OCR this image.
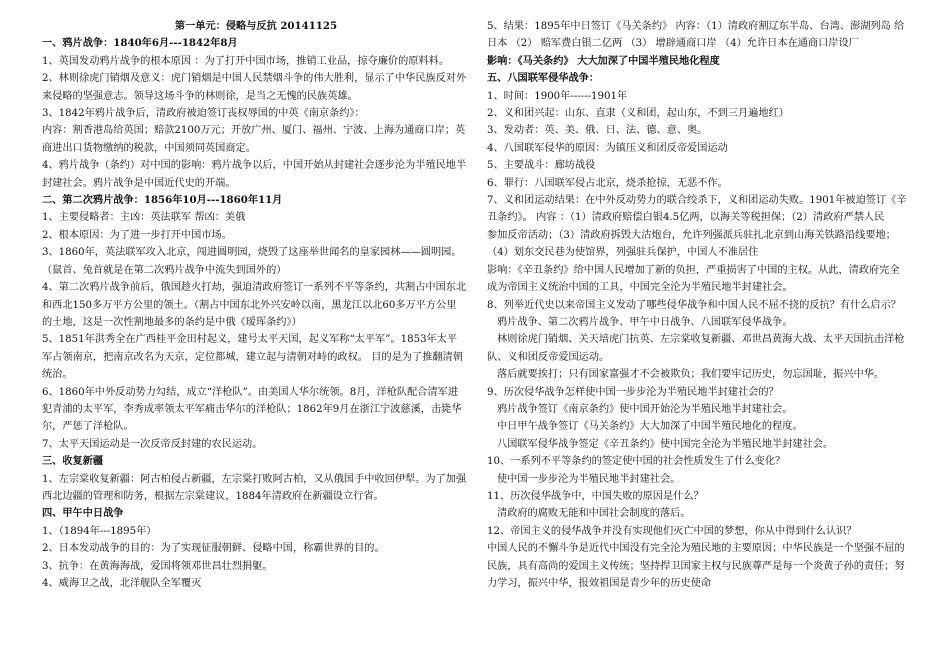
第一单元：侵略与反抗 20141125
一、鸦片战争：1840年6月---1842年8月
1、英国发动鸦片战争的根本原因 ：为了打开中国市场，推销工业品，掠夺廉价的原料料。
2、林则徐虎门销烟及意义：虎门销烟是中国人民禁烟斗争的伟大胜利，显示了中华民族反对外
来侵略的坚强意志。领导这场斗争的林则徐，是当之无愧的民族英雄。
3、1842年鸦片战争后，清政府被迫签订丧权辱国的中英《南京条约》：
内容：割香港岛给英国；赔款2100万元；开放广州、厦门、福州、宁波、上海为通商口岸；英
商进出口货物缴纳的税款，中国须同英国商定。
4、鸦片战争（条约）对中国的影响：鸦片战争以后，中国开始从封建社会逐步沦为半殖民地半
封建社会。鸦片战争是中国近代史的开端。
二、第二次鸦片战争：1856年10月---1860年11月
1、主要侵略者：主凶：英法联军 帮凶：美俄
2、根本原因：为了进一步打开中国市场。
3、1860年，英法联军攻入北京，闯进圆明园，烧毁了这座举世闻名的皇家园林——圆明园。
（鼠首、兔首就是在第二次鸦片战争中流失到国外的）
4、第二次鸦片战争前后，俄国趁火打劫，强迫清政府签订一系列不平等条约，共割占中国东北
和西北150多万平方公里的领土。（割占中国东北外兴安岭以南，黑龙江以北60多万平方公里
的土地，这是一次性割地最多的条约是中俄《瑷珲条约》）
5、1851年洪秀全在广西桂平金田村起义，建号太平天国，起义军称“太平军”。1853年太平
军占领南京，把南京改名为天京，定位都城，建立起与清朝对峙的政权。 目的是为了推翻清朝
统治。
6、1860年中外反动势力勾结，成立“洋枪队”。由美国人华尔统领。8月，洋枪队配合清军进
犯青浦的太平军，李秀成率领太平军痛击华尔的洋枪队；1862年9月在浙江宁波慈溪，击毙华
尔，严惩了洋枪队。
7、太平天国运动是一次反帝反封建的农民运动。
三、收复新疆
1、左宗棠收复新疆：阿古柏侵占新疆，左宗棠打败阿古柏，又从俄国手中收回伊犁。为了加强
西北边疆的管理和防务，根据左宗棠建议，1884年清政府在新疆设立行省。
四、甲午中日战争
1、（1894年---1895年）
2、日本发动战争的目的：为了实现征服朝鲜、侵略中国，称霸世界的目的。
3、抗争：在黄海海战，爱国将领邓世昌壮烈捐躯。
4、威海卫之战，北洋舰队全军覆灭
5、结果：1895年中日签订《马关条约》 内容：（1）清政府割辽东半岛、台湾、澎湖列岛 给
日本 （2） 赔军费白银二亿两 （3） 增辟通商口岸 （4）允许日本在通商口岸设厂
影响：《马关条约》 大大加深了中国半殖民地化程度
五、八国联军侵华战争：
1、时间：1900年------1901年
2、义和团兴起：山东、直隶（义和团，起山东，不到三月遍地红）
3、发动者：英、美、俄、日、法、德、意、奥。
4、八国联军侵华的原因：为镇压义和团反帝爱国运动
5、主要战斗：廊坊战役
6、罪行：八国联军侵占北京，烧杀抢掠，无恶不作。
7、义和团运动结果：在中外反动势力的联合绞杀下，义和团运动失败。1901年被迫签订《辛
丑条约》。 内容 ：（1）清政府赔偿白银4.5亿两，以海关等税担保；（2）清政府严禁人民
参加反帝活动；（3）清政府拆毁大沽炮台，允许列强派兵驻扎北京到山海关铁路沿线要地；
（4）划东交民巷为使馆界，列强驻兵保护，中国人不准居住
影响：《辛丑条约》给中国人民增加了新的负担，严重损害了中国的主权。从此，清政府完全
成为帝国主义统治中国的工具，中国完全沦为半殖民地半封建社会。
8、列举近代史以来帝国主义发动了哪些侵华战争和中国人民不屈不挠的反抗？有什么启示？
鸦片战争、第二次鸦片战争、甲午中日战争、八国联军侵华战争。
林则徐虎门销烟、关天培虎门抗英、左宗棠收复新疆、邓世昌黄海大战、太平天国抗击洋枪
队、义和团反帝爱国运动。
落后就要挨打；只有国家富强才不会被欺负；我们要牢记历史，勿忘国耻，振兴中华。
9、历次侵华战争怎样使中国一步步沦为半殖民地半封建社会的？
鸦片战争签订《南京条约》使中国开始沦为半殖民地半封建社会。
中日甲午战争签订《马关条约》大大加深了中国半殖民地化的程度。
八国联军侵华战争签定《辛丑条约》使中国完全沦为半殖民地半封建社会。
10、一系列不平等条约的签定使中国的社会性质发生了什么变化？
使中国一步步沦为半殖民地半封建社会。
11、历次侵华战争中，中国失败的原因是什么？
清政府的腐败无能和中国社会制度的落后。
12、帝国主义的侵华战争并没有实现他们灭亡中国的梦想，你从中得到什么认识？
中国人民的不懈斗争是近代中国没有完全沦为殖民地的主要原因；中华民族是一个坚强不屈的
民族，具有高尚的爱国主义传统；坚持捍卫国家主权与民族尊严是每一个炎黄子孙的责任；努
力学习，振兴中华，报效祖国是青少年的历史使命
